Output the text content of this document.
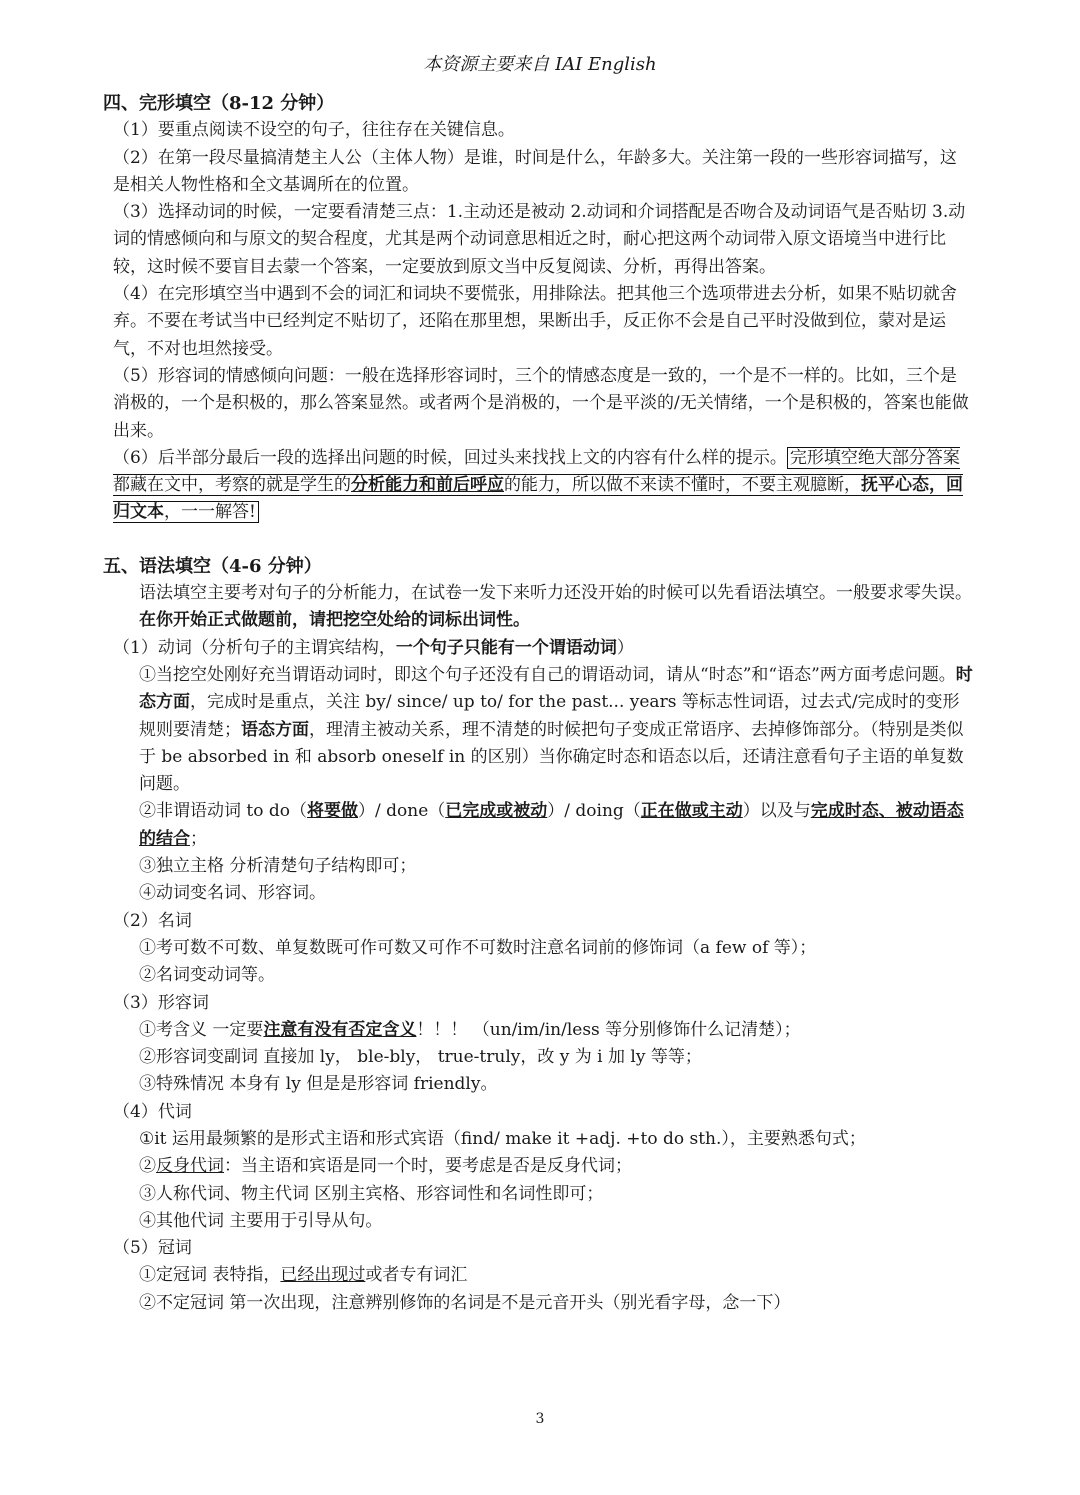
本资源主要来自 IAI English

四、完形填空（8-12 分钟）

（1）要重点阅读不设空的句子，往往存在关键信息。

（2）在第一段尽量搞清楚主人公（主体人物）是谁，时间是什么，年龄多大。关注第一段的一些形容词描写，这是相关人物性格和全文基调所在的位置。

（3）选择动词的时候，一定要看清楚三点：1.主动还是被动 2.动词和介词搭配是否吻合及动词语气是否贴切 3.动词的情感倾向和与原文的契合程度，尤其是两个动词意思相近之时，耐心把这两个动词带入原文语境当中进行比较，这时候不要盲目去蒙一个答案，一定要放到原文当中反复阅读、分析，再得出答案。

（4）在完形填空当中遇到不会的词汇和词块不要慌张，用排除法。把其他三个选项带进去分析，如果不贴切就舍弃。不要在考试当中已经判定不贴切了，还陷在那里想，果断出手，反正你不会是自己平时没做到位，蒙对是运气，不对也坦然接受。

（5）形容词的情感倾向问题：一般在选择形容词时，三个的情感态度是一致的，一个是不一样的。比如，三个是消极的，一个是积极的，那么答案显然。或者两个是消极的，一个是平淡的/无关情绪，一个是积极的，答案也能做出来。

（6）后半部分最后一段的选择出问题的时候，回过头来找找上文的内容有什么样的提示。 完形填空绝大部分答案都藏在文中，考察的就是学生的分析能力和前后呼应的能力，所以做不来读不懂时，不要主观臆断，抚平心态，回归文本，一一解答!

五、语法填空（4-6 分钟）

语法填空主要考对句子的分析能力，在试卷一发下来听力还没开始的时候可以先看语法填空。一般要求零失误。在你开始正式做题前，请把挖空处给的词标出词性。

（1）动词（分析句子的主谓宾结构，一个句子只能有一个谓语动词）

①当挖空处刚好充当谓语动词时，即这个句子还没有自己的谓语动词，请从“时态”和“语态”两方面考虑问题。时态方面，完成时是重点，关注 by/ since/ up to/ for the past... years 等标志性词语，过去式/完成时的变形规则要清楚；语态方面，理清主被动关系，理不清楚的时候把句子变成正常语序、去掉修饰部分。（特别是类似于 be absorbed in 和 absorb oneself in 的区别）当你确定时态和语态以后，还请注意看句子主语的单复数问题。

②非谓语动词 to do（将要做）/ done（已完成或被动）/ doing（正在做或主动）以及与完成时态、被动语态的结合；

③独立主格 分析清楚句子结构即可；

④动词变名词、形容词。

（2）名词

①考可数不可数、单复数既可作可数又可作不可数时注意名词前的修饰词（a few of 等）；

②名词变动词等。

（3）形容词

①考含义 一定要注意有没有否定含义！！！ （un/im/in/less 等分别修饰什么记清楚）；

②形容词变副词 直接加 ly， ble-bly， true-truly，改 y 为 i 加 ly 等等；

③特殊情况 本身有 ly 但是是形容词 friendly。

（4）代词

①it 运用最频繁的是形式主语和形式宾语（find/ make it +adj. +to do sth.），主要熟悉句式；

②反身代词：当主语和宾语是同一个时，要考虑是否是反身代词；

③人称代词、物主代词 区别主宾格、形容词性和名词性即可；

④其他代词 主要用于引导从句。

（5）冠词

①定冠词 表特指，已经出现过或者专有词汇

②不定冠词 第一次出现，注意辨别修饰的名词是不是元音开头（别光看字母，念一下）

3
